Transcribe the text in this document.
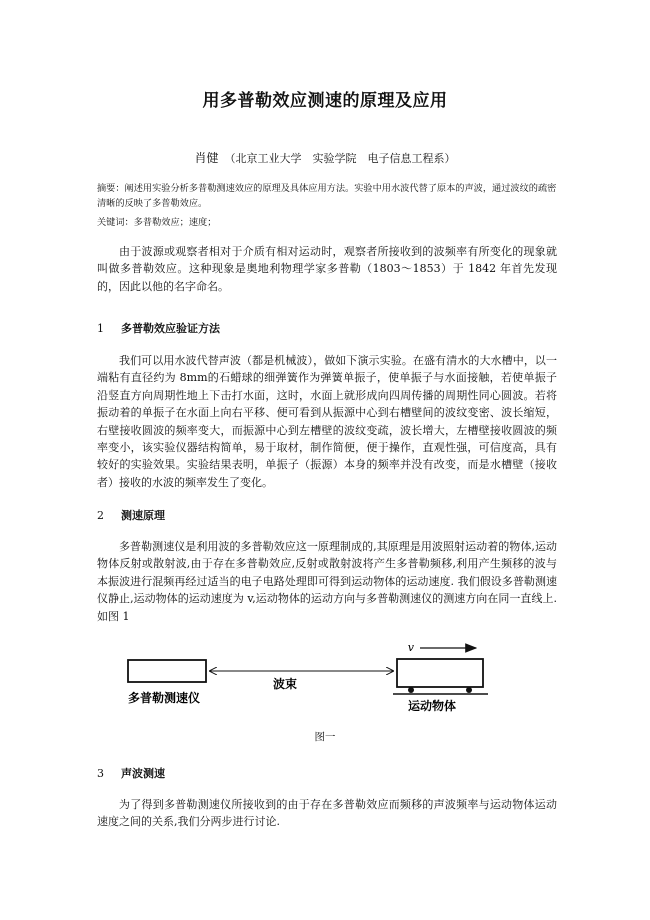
用多普勒效应测速的原理及应用
肖健 （北京工业大学　实验学院　电子信息工程系）
摘要：阐述用实验分析多普勒测速效应的原理及具体应用方法。实验中用水波代替了原本的声波，通过波纹的疏密清晰的反映了多普勒效应。
关键词：多普勒效应；速度；
由于波源或观察者相对于介质有相对运动时，观察者所接收到的波频率有所变化的现象就叫做多普勒效应。这种现象是奥地利物理学家多普勒（1803～1853）于 1842 年首先发现的，因此以他的名字命名。
1 多普勒效应验证方法
我们可以用水波代替声波（都是机械波），做如下演示实验。在盛有清水的大水槽中，以一端粘有直径约为 8mm的石蜡球的细弹簧作为弹簧单振子，使单振子与水面接触，若使单振子沿竖直方向周期性地上下击打水面，这时，水面上就形成向四周传播的周期性同心圆波。若将振动着的单振子在水面上向右平移、便可看到从振源中心到右槽壁间的波纹变密、波长缩短，右壁接收圆波的频率变大，而振源中心到左槽壁的波纹变疏，波长增大，左槽壁接收圆波的频率变小，该实验仪器结构简单，易于取材，制作简便，便于操作，直观性强，可信度高，具有较好的实验效果。实验结果表明，单振子（振源）本身的频率并没有改变，而是水槽壁（接收者）接收的水波的频率发生了变化。
2 测速原理
多普勒测速仪是利用波的多普勒效应这一原理制成的,其原理是用波照射运动着的物体,运动物体反射或散射波,由于存在多普勒效应,反射或散射波将产生多普勒频移,利用产生频移的波与本振波进行混频再经过适当的电子电路处理即可得到运动物体的运动速度. 我们假设多普勒测速仪静止,运动物体的运动速度为 v,运动物体的运动方向与多普勒测速仪的测速方向在同一直线上.如图 1
v
多普勒测速仪
波束
运动物体
图一
3 声波测速
为了得到多普勒测速仪所接收到的由于存在多普勒效应而频移的声波频率与运动物体运动速度之间的关系,我们分两步进行讨论.
